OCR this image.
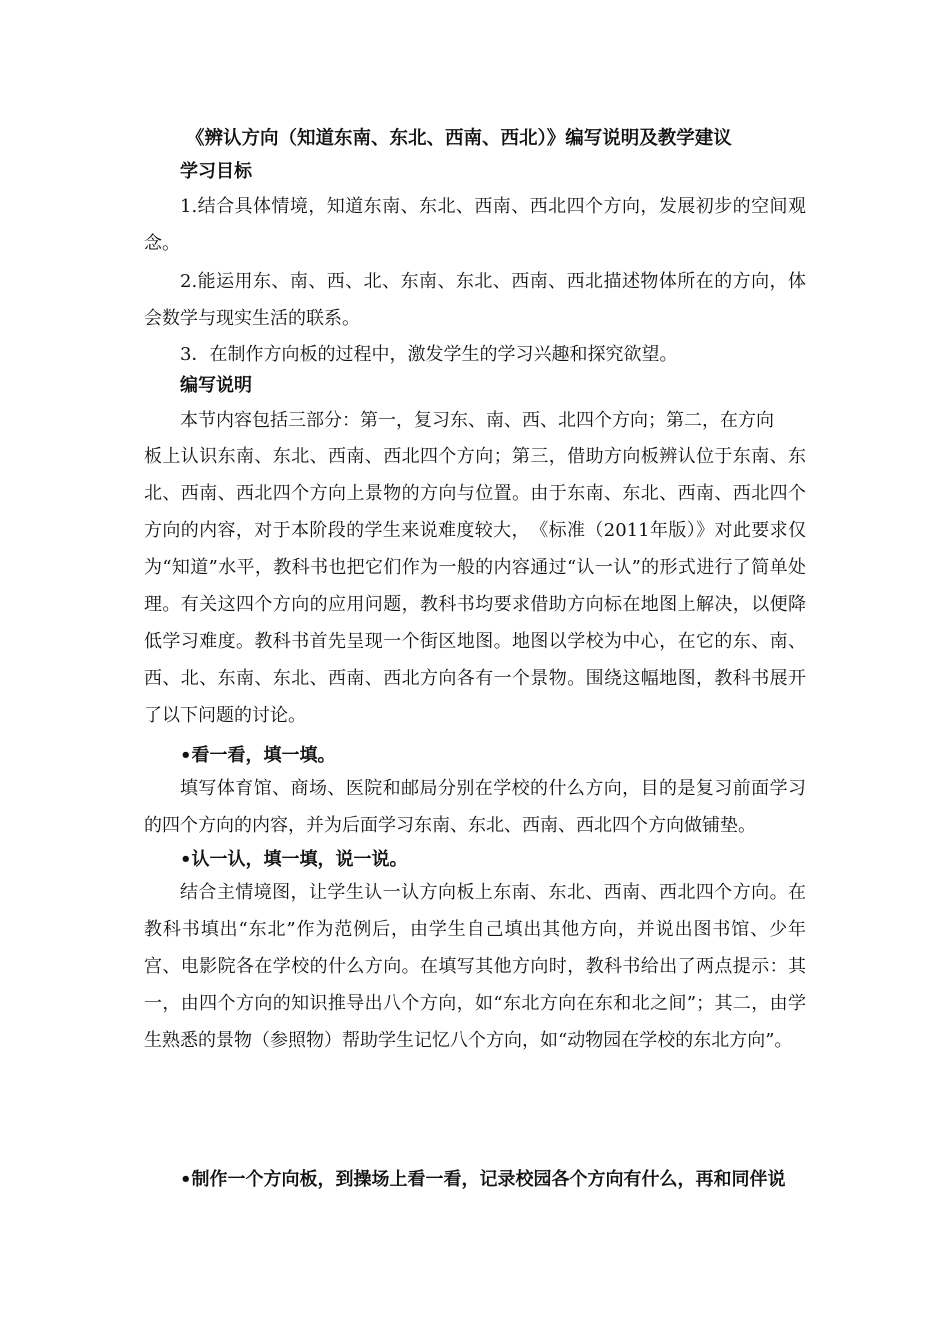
《辨认方向（知道东南、东北、西南、西北）》编写说明及教学建议
学习目标

1.结合具体情境，知道东南、东北、西南、西北四个方向，发展初步的空间观念。

2.能运用东、南、西、北、东南、东北、西南、西北描述物体所在的方向，体会数学与现实生活的联系。

3．在制作方向板的过程中，激发学生的学习兴趣和探究欲望。

编写说明

本节内容包括三部分：第一，复习东、南、西、北四个方向；第二，在方向

板上认识东南、东北、西南、西北四个方向；第三，借助方向板辨认位于东南、东北、西南、西北四个方向上景物的方向与位置。由于东南、东北、西南、西北四个方向的内容，对于本阶段的学生来说难度较大，　《标准（2011年版）》对此要求仅为“知道”水平，教科书也把它们作为一般的内容通过“认一认”的形式进行了简单处理。有关这四个方向的应用问题，教科书均要求借助方向标在地图上解决，以便降低学习难度。教科书首先呈现一个街区地图。地图以学校为中心，在它的东、南、西、北、东南、东北、西南、西北方向各有一个景物。围绕这幅地图，教科书展开了以下问题的讨论。

•看一看，填一填。

填写体育馆、商场、医院和邮局分别在学校的什么方向，目的是复习前面学习的四个方向的内容，并为后面学习东南、东北、西南、西北四个方向做铺垫。

•认一认，填一填，说一说。

结合主情境图，让学生认一认方向板上东南、东北、西南、西北四个方向。在教科书填出“东北”作为范例后，由学生自己填出其他方向，并说出图书馆、少年宫、电影院各在学校的什么方向。在填写其他方向时，教科书给出了两点提示：其一，由四个方向的知识推导出八个方向，如“东北方向在东和北之间”；其二，由学生熟悉的景物（参照物）帮助学生记忆八个方向，如“动物园在学校的东北方向”。

•制作一个方向板，到操场上看一看，记录校园各个方向有什么，再和同伴说
